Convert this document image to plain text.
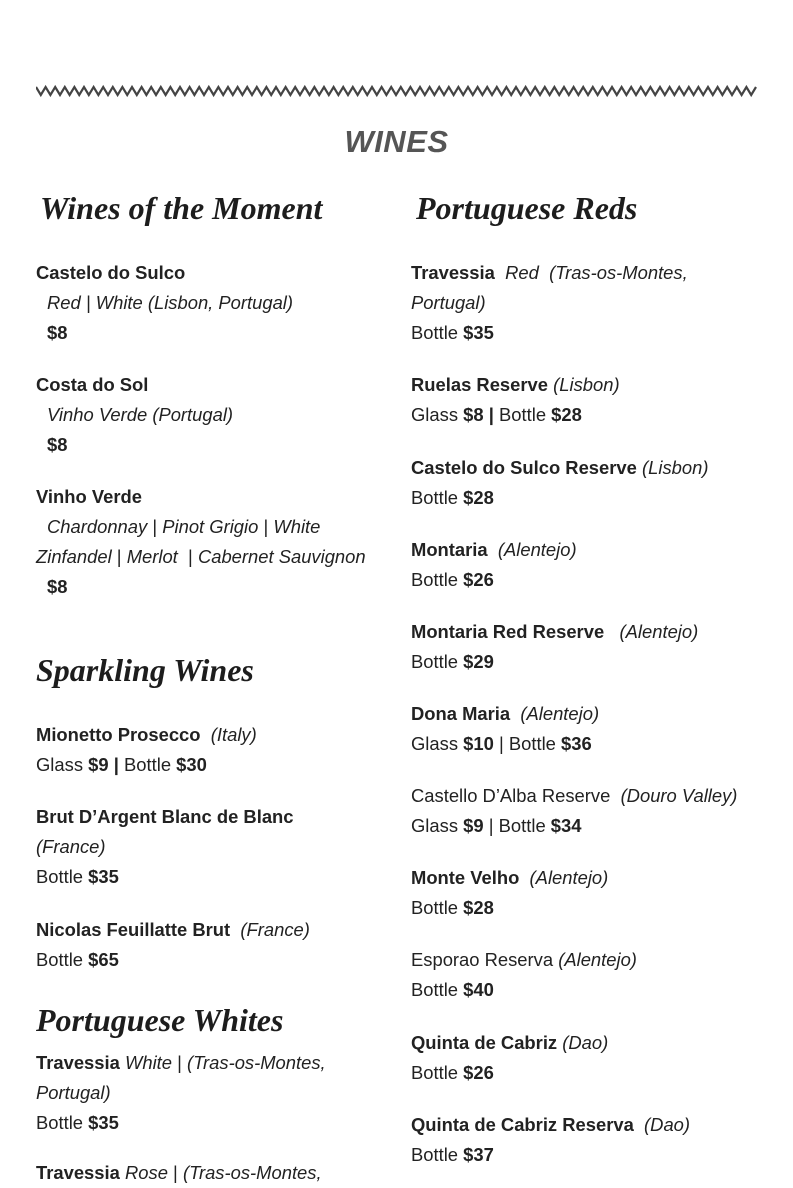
WINES
Wines of the Moment
Castelo do Sulco
Red | White (Lisbon, Portugal)
$8
Costa do Sol
Vinho Verde (Portugal)
$8
Vinho Verde
Chardonnay | Pinot Grigio | White
Zinfandel | Merlot | Cabernet Sauvignon
$8
Sparkling Wines
Mionetto Prosecco (Italy)
Glass $9 | Bottle $30
Brut D’Argent Blanc de Blanc
(France)
Bottle $35
Nicolas Feuillatte Brut (France)
Bottle $65
Portuguese Whites
Travessia White | (Tras-os-Montes, Portugal)
Bottle $35
Travessia Rose | (Tras-os-Montes,
Portuguese Reds
Travessia Red (Tras-os-Montes, Portugal)
Bottle $35
Ruelas Reserve (Lisbon)
Glass $8 | Bottle $28
Castelo do Sulco Reserve (Lisbon)
Bottle $28
Montaria (Alentejo)
Bottle $26
Montaria Red Reserve (Alentejo)
Bottle $29
Dona Maria (Alentejo)
Glass $10 | Bottle $36
Castello D’Alba Reserve (Douro Valley)
Glass $9 | Bottle $34
Monte Velho (Alentejo)
Bottle $28
Esporao Reserva (Alentejo)
Bottle $40
Quinta de Cabriz (Dao)
Bottle $26
Quinta de Cabriz Reserva (Dao)
Bottle $37
